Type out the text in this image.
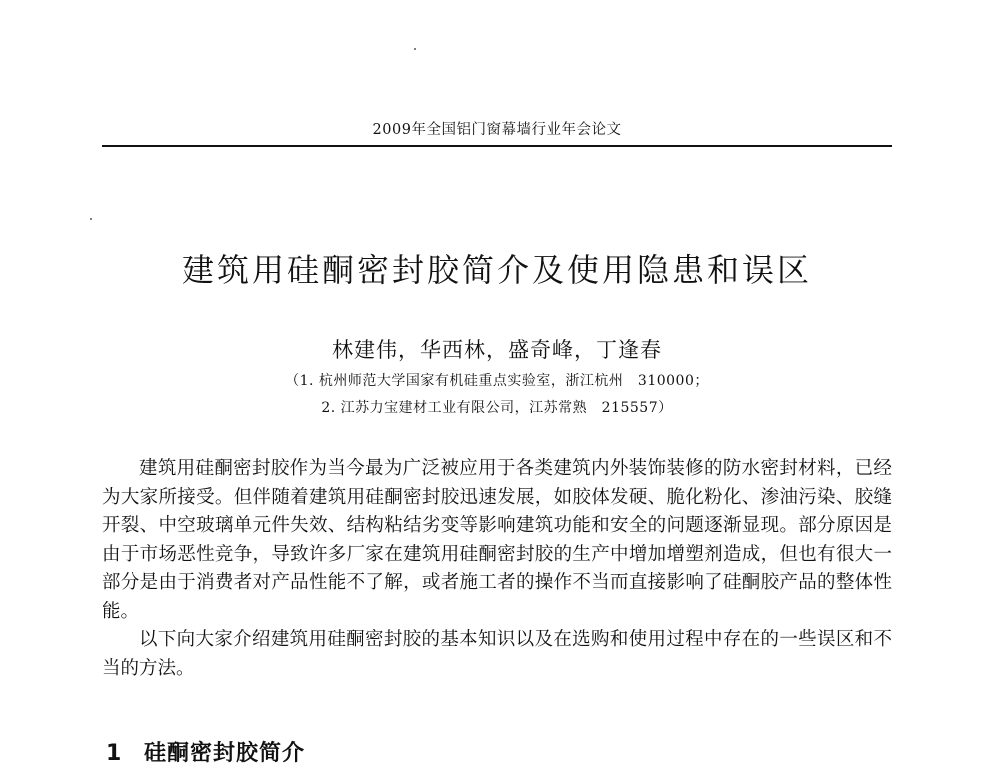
2009年全国铝门窗幕墙行业年会论文
建筑用硅酮密封胶简介及使用隐患和误区
林建伟，华西林，盛奇峰，丁逢春
（1. 杭州师范大学国家有机硅重点实验室，浙江杭州　310000；
2. 江苏力宝建材工业有限公司，江苏常熟　215557）

建筑用硅酮密封胶作为当今最为广泛被应用于各类建筑内外装饰装修的防水密封材料，已经为大家所接受。但伴随着建筑用硅酮密封胶迅速发展，如胶体发硬、脆化粉化、渗油污染、胶缝开裂、中空玻璃单元件失效、结构粘结劣变等影响建筑功能和安全的问题逐渐显现。部分原因是由于市场恶性竞争，导致许多厂家在建筑用硅酮密封胶的生产中增加增塑剂造成，但也有很大一部分是由于消费者对产品性能不了解，或者施工者的操作不当而直接影响了硅酮胶产品的整体性能。

以下向大家介绍建筑用硅酮密封胶的基本知识以及在选购和使用过程中存在的一些误区和不当的方法。

1 硅酮密封胶简介
